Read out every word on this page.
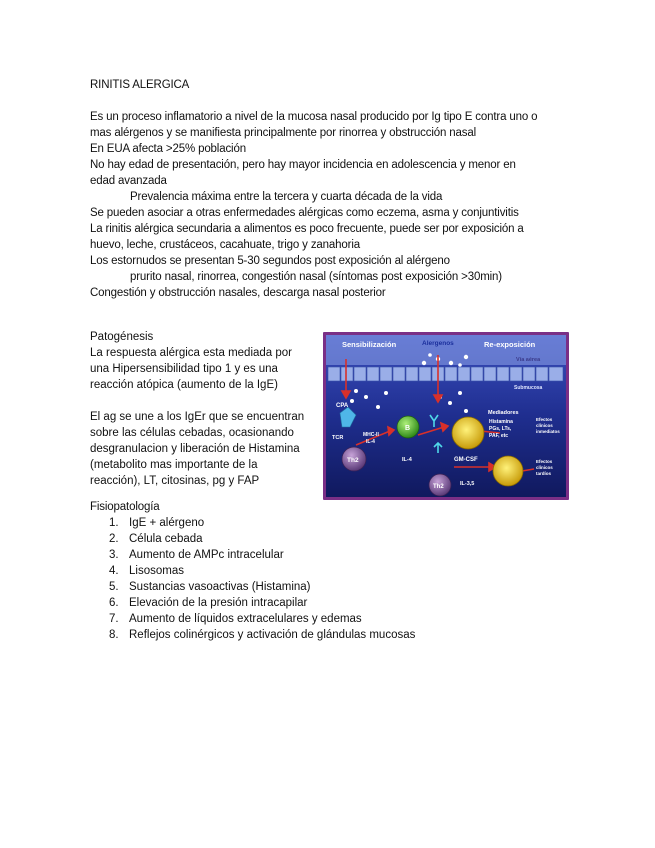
RINITIS ALERGICA
Es un proceso inflamatorio a nivel de la mucosa nasal producido por Ig tipo E contra uno o
mas alérgenos y se manifiesta principalmente por rinorrea y obstrucción nasal
En EUA afecta >25% población
No hay edad de presentación, pero hay mayor incidencia en adolescencia y menor en
edad avanzada
Prevalencia máxima entre la tercera y cuarta década de la vida
Se pueden asociar a otras enfermedades alérgicas como eczema, asma y conjuntivitis
La rinitis alérgica secundaria a alimentos es poco frecuente, puede ser por exposición a
huevo, leche, crustáceos, cacahuate, trigo y zanahoria
Los estornudos se presentan 5-30 segundos post exposición al alérgeno
prurito nasal, rinorrea, congestión nasal (síntomas post exposición >30min)
Congestión y obstrucción nasales, descarga nasal posterior
Patogénesis
La respuesta alérgica esta mediada por
una Hipersensibilidad tipo 1 y es una
reacción atópica (aumento de la IgE)
El ag se une a los IgEr que se encuentran
sobre las células cebadas, ocasionando
desgranulacion y liberación de Histamina
(metabolito mas importante de la
reacción), LT, citosinas, pg y FAP
Sensibilización	Alergenos	Re-exposición
Vía aérea
Submucosa
CPA
TCR	MHC-II
IL-4
B
Th2	IL-4
Mediadores
Histamina
PGs, LTs,
PAF, etc
Efectos
clínicos
inmediatos
GM-CSF
IL-3,5
Th2
Efectos
clínicos
tardíos
Fisiopatología
1. IgE + alérgeno
2. Célula cebada
3. Aumento de AMPc intracelular
4. Lisosomas
5. Sustancias vasoactivas (Histamina)
6. Elevación de la presión intracapilar
7. Aumento de líquidos extracelulares y edemas
8. Reflejos colinérgicos y activación de glándulas mucosas
